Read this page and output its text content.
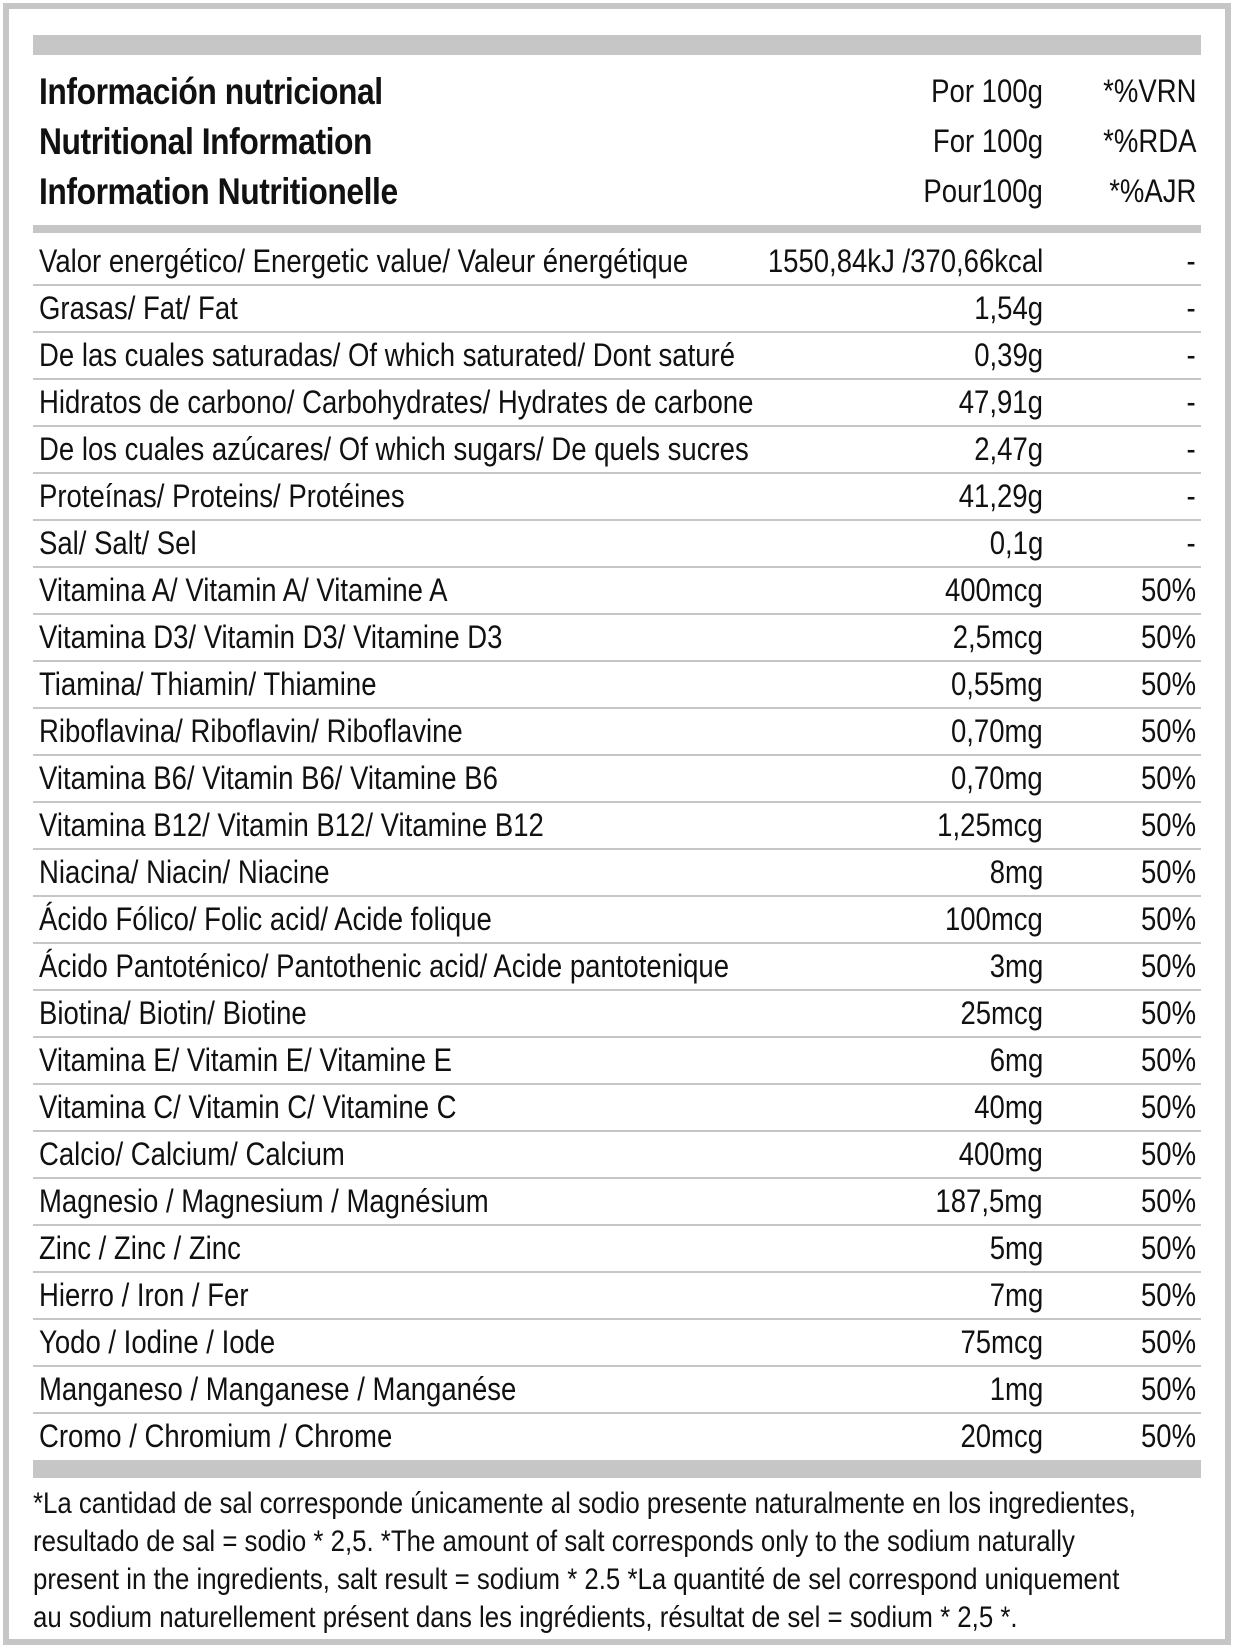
Información nutricional	Por 100g *%VRN
Nutritional Information	For 100g *%RDA
Information Nutritionelle	Pour100g *%AJR
Valor energético/ Energetic value/ Valeur énergétique 1550,84kJ /370,66kcal	-
Grasas/ Fat/ Fat	1,54g	-
De las cuales saturadas/ Of which saturated/ Dont saturé	0,39g	-
Hidratos de carbono/ Carbohydrates/ Hydrates de carbone	47,91g	-
De los cuales azúcares/ Of which sugars/ De quels sucres	2,47g	-
Proteínas/ Proteins/ Protéines	41,29g	-
Sal/ Salt/ Sel	0,1g	-
Vitamina A/ Vitamin A/ Vitamine A	400mcg	50%
Vitamina D3/ Vitamin D3/ Vitamine D3	2,5mcg	50%
Tiamina/ Thiamin/ Thiamine	0,55mg	50%
Riboflavina/ Riboflavin/ Riboflavine	0,70mg	50%
Vitamina B6/ Vitamin B6/ Vitamine B6	0,70mg	50%
Vitamina B12/ Vitamin B12/ Vitamine B12	1,25mcg	50%
Niacina/ Niacin/ Niacine	8mg	50%
Ácido Fólico/ Folic acid/ Acide folique	100mcg	50%
Ácido Pantoténico/ Pantothenic acid/ Acide pantotenique	3mg	50%
Biotina/ Biotin/ Biotine	25mcg	50%
Vitamina E/ Vitamin E/ Vitamine E	6mg	50%
Vitamina C/ Vitamin C/ Vitamine C	40mg	50%
Calcio/ Calcium/ Calcium	400mg	50%
Magnesio / Magnesium / Magnésium	187,5mg	50%
Zinc / Zinc / Zinc	5mg	50%
Hierro / Iron / Fer	7mg	50%
Yodo / Iodine / Iode	75mcg	50%
Manganeso / Manganese / Manganése	1mg	50%
Cromo / Chromium / Chrome	20mcg	50%

*La cantidad de sal corresponde únicamente al sodio presente naturalmente en los ingredientes,

resultado de sal = sodio * 2,5. *The amount of salt corresponds only to the sodium naturally

present in the ingredients, salt result = sodium * 2.5 *La quantité de sel correspond uniquement

au sodium naturellement présent dans les ingrédients, résultat de sel = sodium * 2,5 *.
